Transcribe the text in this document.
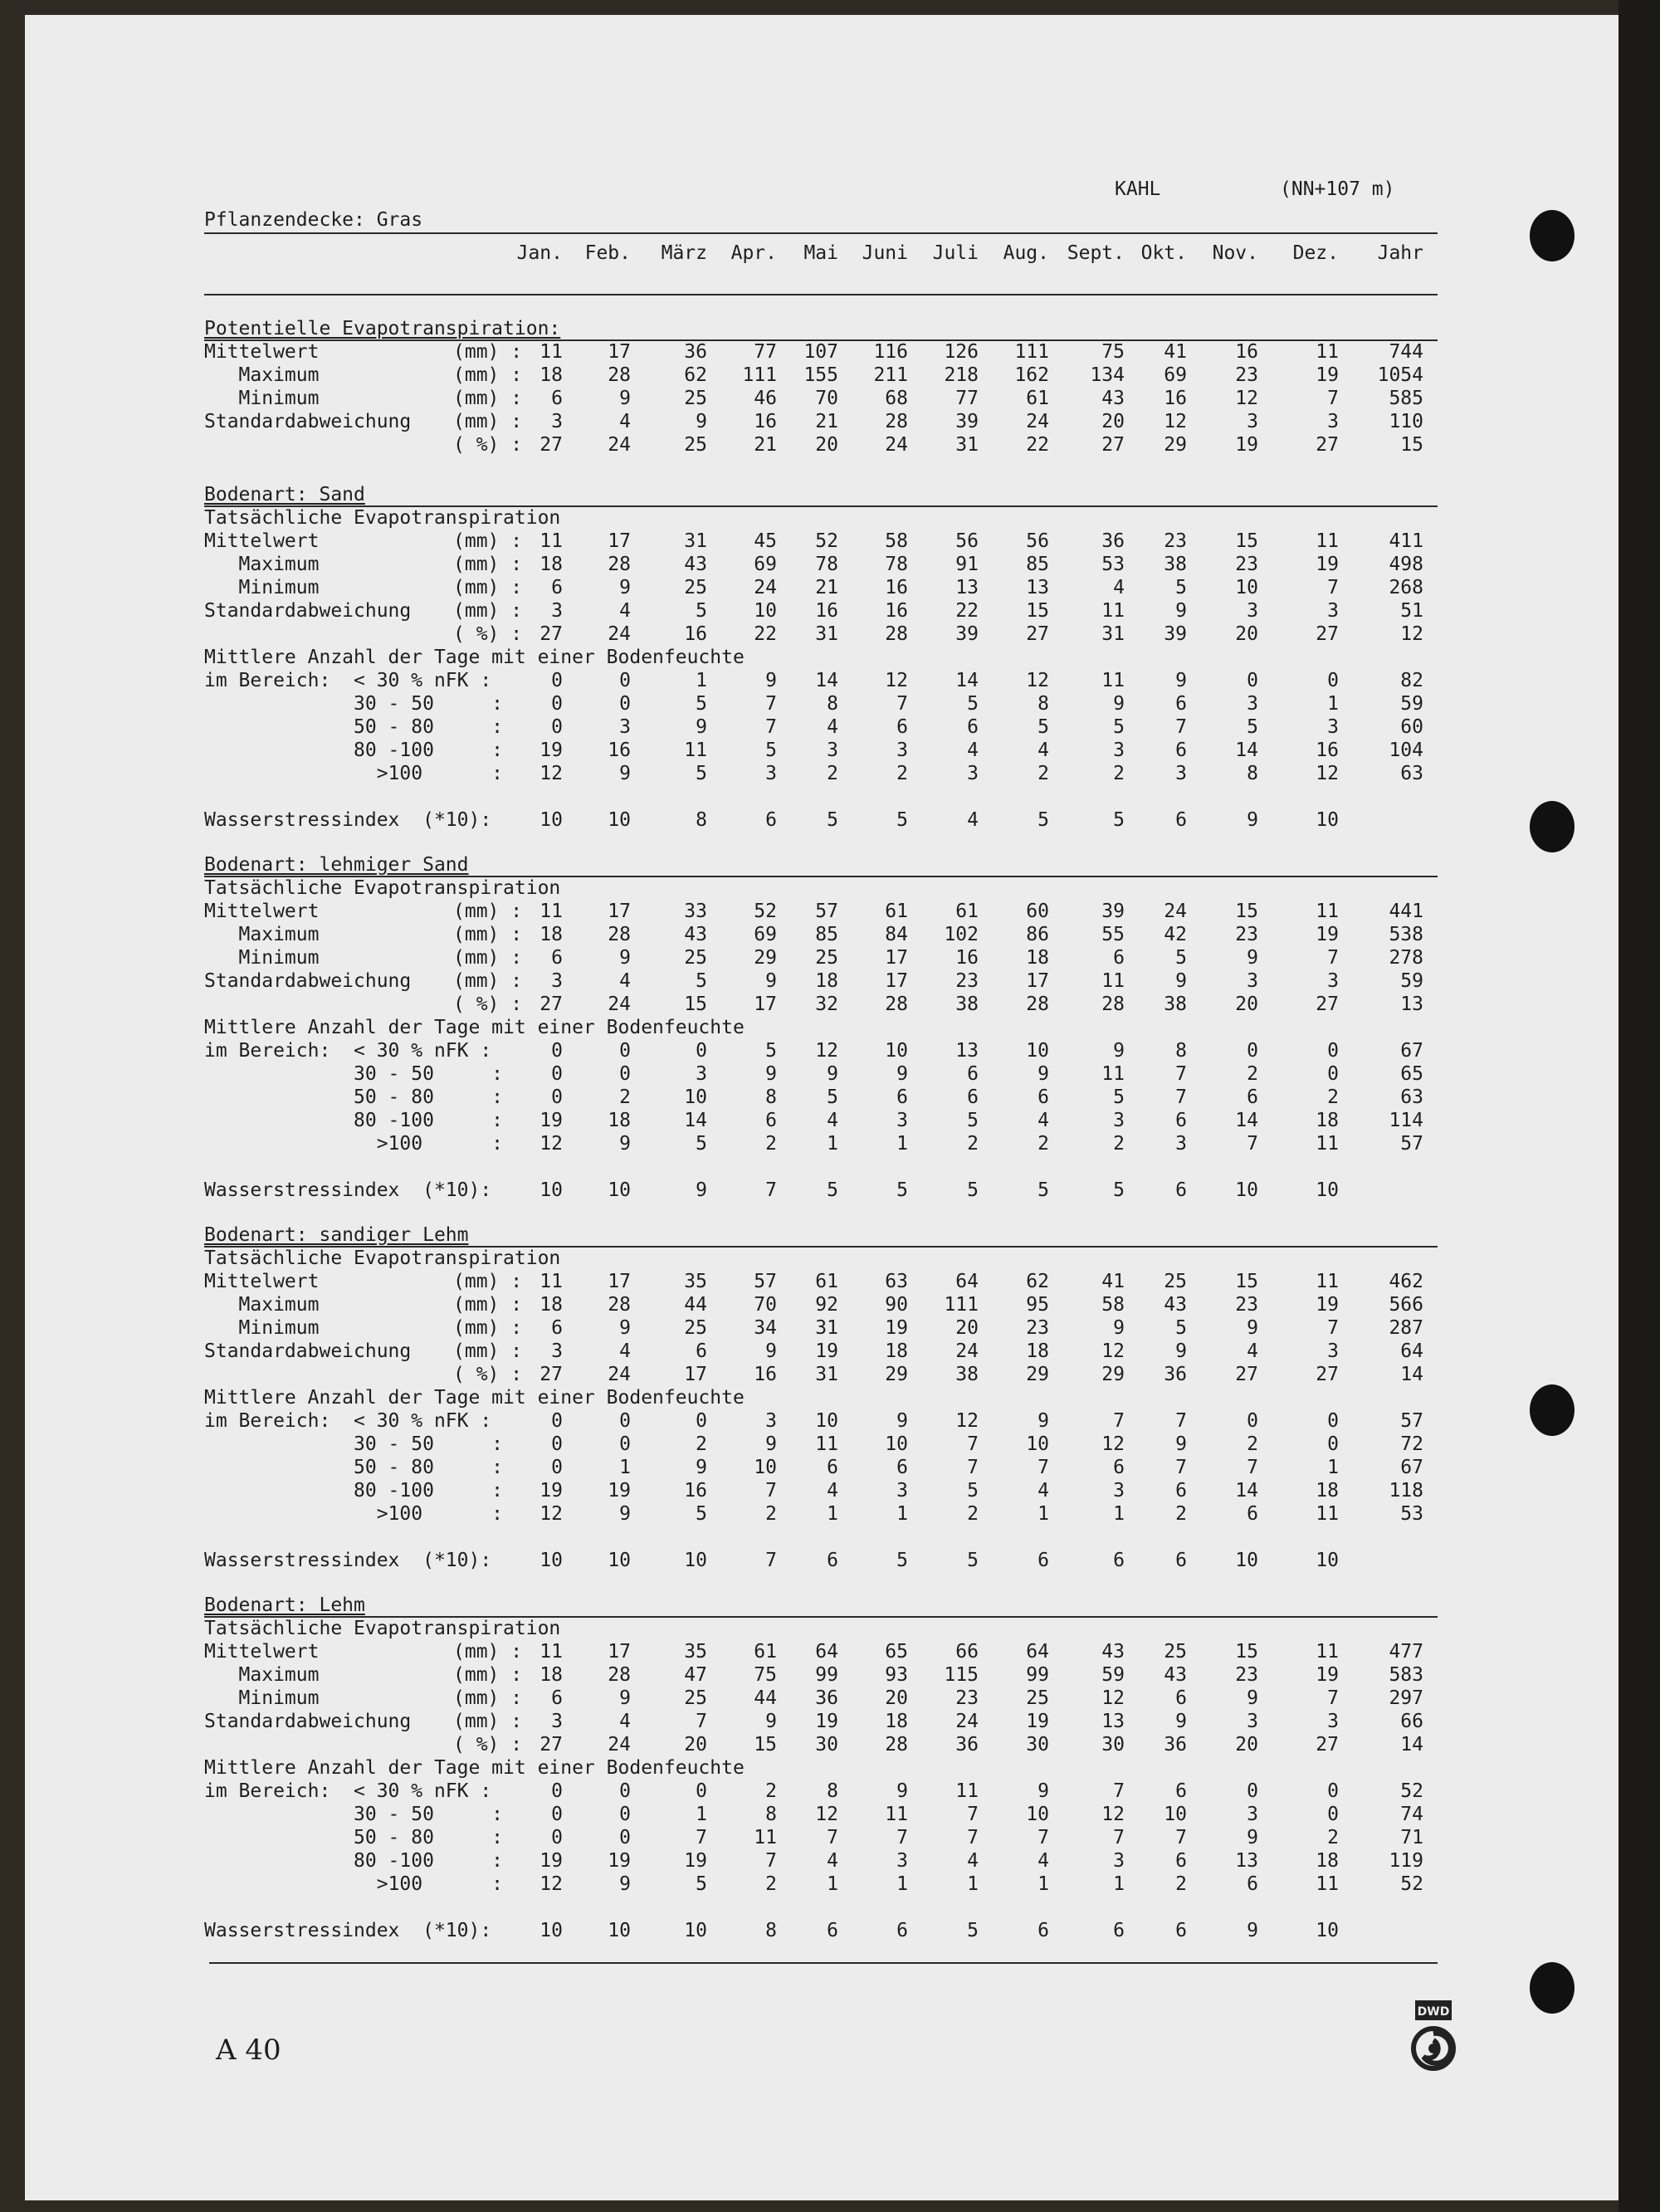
KAHL	(NN+107 m)
Pflanzendecke: Gras
Jan.	Feb.	März	Apr.	Mai	Juni	Juli	Aug. Sept. Okt.	Nov.	Dez.	Jahr
Potentielle Evapotranspiration:
Mittelwert	(mm) : 11	17	36	77	107	116	126	111	75	41	16	11	744
Maximum	(mm) : 18	28	62	111	155	211	218	162	134	69	23	19	1054
Minimum	(mm) :	6	9	25	46	70	68	77	61	43	16	12	7	585
Standardabweichung (mm) :	3	4	9	16	21	28	39	24	20	12	3	3	110
( %) : 27	24	25	21	20	24	31	22	27	29	19	27	15
Bodenart: Sand
Tatsächliche Evapotranspiration
Mittelwert	(mm) : 11	17	31	45	52	58	56	56	36	23	15	11	411
Maximum	(mm) : 18	28	43	69	78	78	91	85	53	38	23	19	498
Minimum	(mm) :	6	9	25	24	21	16	13	13	4	5	10	7	268
Standardabweichung (mm) :	3	4	5	10	16	16	22	15	11	9	3	3	51
( %) : 27	24	16	22	31	28	39	27	31	39	20	27	12
Mittlere Anzahl der Tage mit einer Bodenfeuchte
im Bereich:  < 30 % nFK :	0	0	1	9	14	12	14	12	11	9	0	0	82
30 - 50     :	0	0	5	7	8	7	5	8	9	6	3	1	59
50 - 80     :	0	3	9	7	4	6	6	5	5	7	5	3	60
80 -100     :	19	16	11	5	3	3	4	4	3	6	14	16	104
>100      :	12	9	5	3	2	2	3	2	2	3	8	12	63
Wasserstressindex  (*10):	10	10	8	6	5	5	4	5	5	6	9	10
Bodenart: lehmiger Sand
Tatsächliche Evapotranspiration
Mittelwert	(mm) : 11	17	33	52	57	61	61	60	39	24	15	11	441
Maximum	(mm) : 18	28	43	69	85	84	102	86	55	42	23	19	538
Minimum	(mm) :	6	9	25	29	25	17	16	18	6	5	9	7	278
Standardabweichung (mm) :	3	4	5	9	18	17	23	17	11	9	3	3	59
( %) : 27	24	15	17	32	28	38	28	28	38	20	27	13
Mittlere Anzahl der Tage mit einer Bodenfeuchte
im Bereich:  < 30 % nFK :	0	0	0	5	12	10	13	10	9	8	0	0	67
30 - 50     :	0	0	3	9	9	9	6	9	11	7	2	0	65
50 - 80     :	0	2	10	8	5	6	6	6	5	7	6	2	63
80 -100     :	19	18	14	6	4	3	5	4	3	6	14	18	114
>100      :	12	9	5	2	1	1	2	2	2	3	7	11	57
Wasserstressindex  (*10):	10	10	9	7	5	5	5	5	5	6	10	10
Bodenart: sandiger Lehm
Tatsächliche Evapotranspiration
Mittelwert	(mm) : 11	17	35	57	61	63	64	62	41	25	15	11	462
Maximum	(mm) : 18	28	44	70	92	90	111	95	58	43	23	19	566
Minimum	(mm) :	6	9	25	34	31	19	20	23	9	5	9	7	287
Standardabweichung (mm) :	3	4	6	9	19	18	24	18	12	9	4	3	64
( %) : 27	24	17	16	31	29	38	29	29	36	27	27	14
Mittlere Anzahl der Tage mit einer Bodenfeuchte
im Bereich:  < 30 % nFK :	0	0	0	3	10	9	12	9	7	7	0	0	57
30 - 50     :	0	0	2	9	11	10	7	10	12	9	2	0	72
50 - 80     :	0	1	9	10	6	6	7	7	6	7	7	1	67
80 -100     :	19	19	16	7	4	3	5	4	3	6	14	18	118
>100      :	12	9	5	2	1	1	2	1	1	2	6	11	53
Wasserstressindex  (*10):	10	10	10	7	6	5	5	6	6	6	10	10
Bodenart: Lehm
Tatsächliche Evapotranspiration
Mittelwert	(mm) : 11	17	35	61	64	65	66	64	43	25	15	11	477
Maximum	(mm) : 18	28	47	75	99	93	115	99	59	43	23	19	583
Minimum	(mm) :	6	9	25	44	36	20	23	25	12	6	9	7	297
Standardabweichung (mm) :	3	4	7	9	19	18	24	19	13	9	3	3	66
( %) : 27	24	20	15	30	28	36	30	30	36	20	27	14
Mittlere Anzahl der Tage mit einer Bodenfeuchte
im Bereich:  < 30 % nFK :	0	0	0	2	8	9	11	9	7	6	0	0	52
30 - 50     :	0	0	1	8	12	11	7	10	12	10	3	0	74
50 - 80     :	0	0	7	11	7	7	7	7	7	7	9	2	71
80 -100     :	19	19	19	7	4	3	4	4	3	6	13	18	119
>100      :	12	9	5	2	1	1	1	1	1	2	6	11	52
Wasserstressindex  (*10):	10	10	10	8	6	6	5	6	6	6	9	10
A 40
DWD
